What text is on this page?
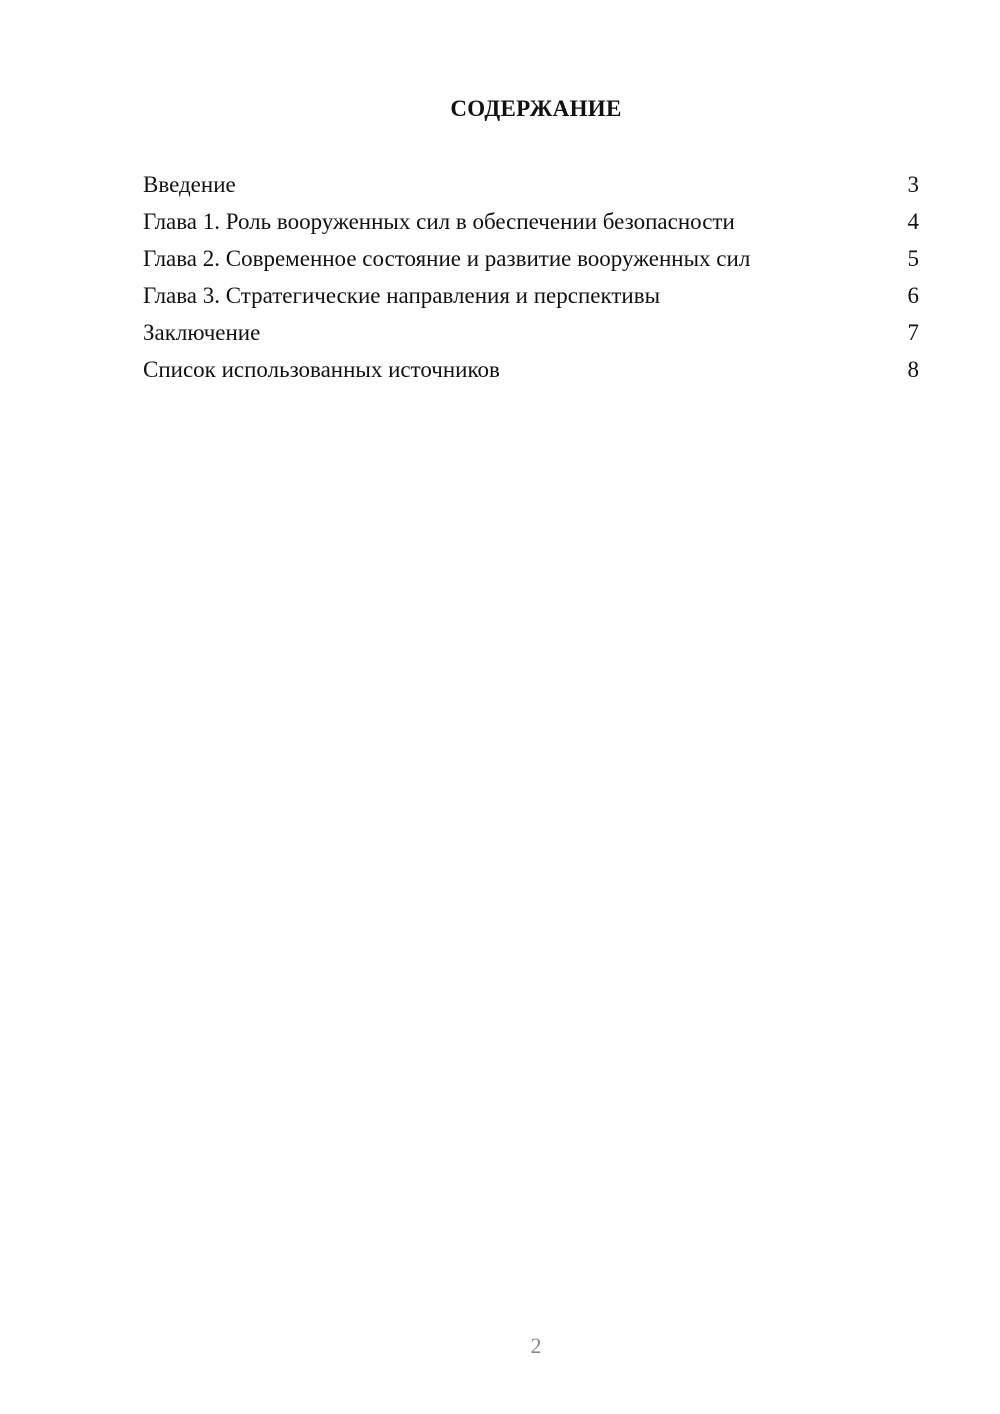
СОДЕРЖАНИЕ
Введение	3
Глава 1. Роль вооруженных сил в обеспечении безопасности	4
Глава 2. Современное состояние и развитие вооруженных сил	5
Глава 3. Стратегические направления и перспективы	6
Заключение	7
Список использованных источников	8
2
